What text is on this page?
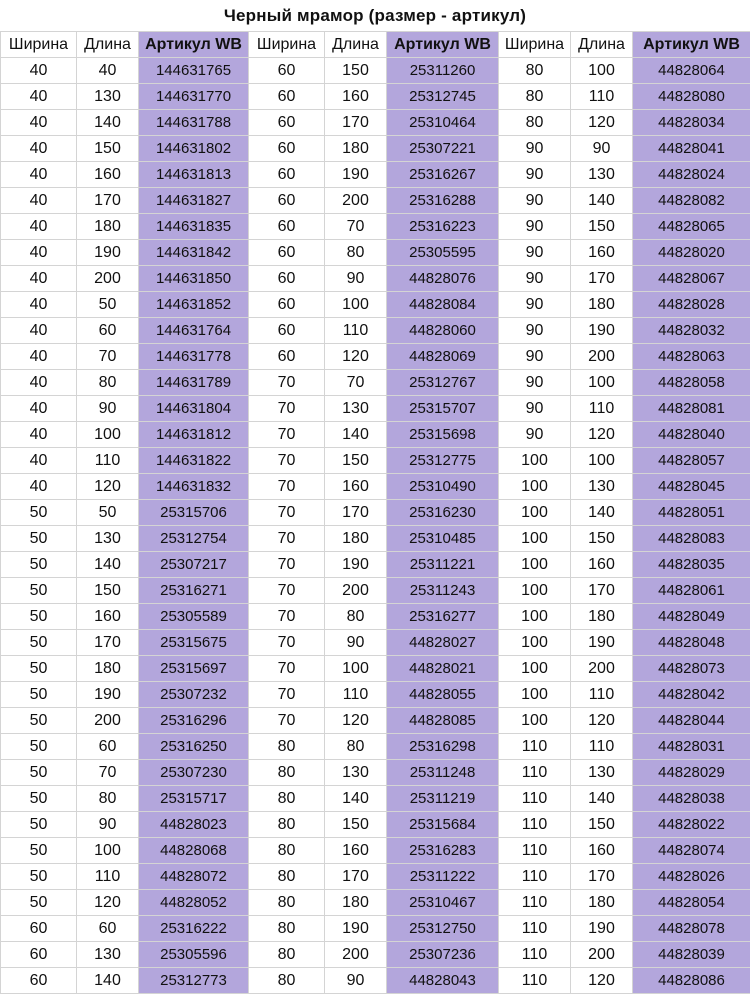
Черный мрамор (размер - артикул)
Ширина	Длина	Артикул WB	Ширина	Длина	Артикул WB	Ширина	Длина	Артикул WB
40	40	144631765	60	150	25311260	80	100	44828064
40	130	144631770	60	160	25312745	80	110	44828080
40	140	144631788	60	170	25310464	80	120	44828034
40	150	144631802	60	180	25307221	90	90	44828041
40	160	144631813	60	190	25316267	90	130	44828024
40	170	144631827	60	200	25316288	90	140	44828082
40	180	144631835	60	70	25316223	90	150	44828065
40	190	144631842	60	80	25305595	90	160	44828020
40	200	144631850	60	90	44828076	90	170	44828067
40	50	144631852	60	100	44828084	90	180	44828028
40	60	144631764	60	110	44828060	90	190	44828032
40	70	144631778	60	120	44828069	90	200	44828063
40	80	144631789	70	70	25312767	90	100	44828058
40	90	144631804	70	130	25315707	90	110	44828081
40	100	144631812	70	140	25315698	90	120	44828040
40	110	144631822	70	150	25312775	100	100	44828057
40	120	144631832	70	160	25310490	100	130	44828045
50	50	25315706	70	170	25316230	100	140	44828051
50	130	25312754	70	180	25310485	100	150	44828083
50	140	25307217	70	190	25311221	100	160	44828035
50	150	25316271	70	200	25311243	100	170	44828061
50	160	25305589	70	80	25316277	100	180	44828049
50	170	25315675	70	90	44828027	100	190	44828048
50	180	25315697	70	100	44828021	100	200	44828073
50	190	25307232	70	110	44828055	100	110	44828042
50	200	25316296	70	120	44828085	100	120	44828044
50	60	25316250	80	80	25316298	110	110	44828031
50	70	25307230	80	130	25311248	110	130	44828029
50	80	25315717	80	140	25311219	110	140	44828038
50	90	44828023	80	150	25315684	110	150	44828022
50	100	44828068	80	160	25316283	110	160	44828074
50	110	44828072	80	170	25311222	110	170	44828026
50	120	44828052	80	180	25310467	110	180	44828054
60	60	25316222	80	190	25312750	110	190	44828078
60	130	25305596	80	200	25307236	110	200	44828039
60	140	25312773	80	90	44828043	110	120	44828086
